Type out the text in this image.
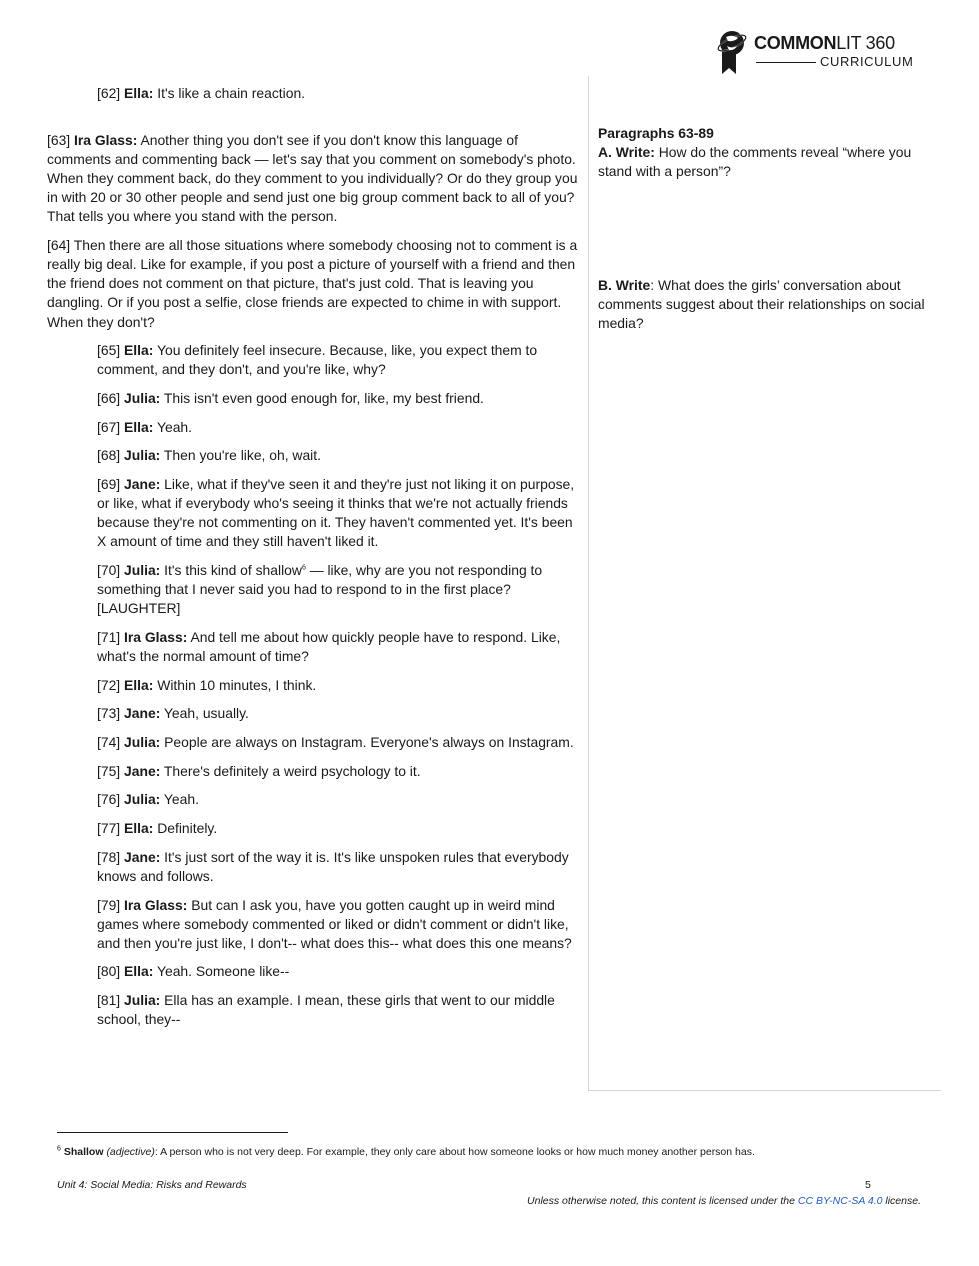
COMMONLIT 360
CURRICULUM

[62] Ella: It's like a chain reaction.

[63] Ira Glass: Another thing you don't see if you don't know this language of comments and commenting back — let's say that you comment on somebody's photo. When they comment back, do they comment to you individually? Or do they group you in with 20 or 30 other people and send just one big group comment back to all of you? That tells you where you stand with the person.

[64] Then there are all those situations where somebody choosing not to comment is a really big deal. Like for example, if you post a picture of yourself with a friend and then the friend does not comment on that picture, that's just cold. That is leaving you dangling. Or if you post a selfie, close friends are expected to chime in with support. When they don't?

[65] Ella: You definitely feel insecure. Because, like, you expect them to comment, and they don't, and you're like, why?

[66] Julia: This isn't even good enough for, like, my best friend.

[67] Ella: Yeah.

[68] Julia: Then you're like, oh, wait.

[69] Jane: Like, what if they've seen it and they're just not liking it on purpose, or like, what if everybody who's seeing it thinks that we're not actually friends because they're not commenting on it. They haven't commented yet. It's been X amount of time and they still haven't liked it.

[70] Julia: It's this kind of shallow$^6$ — like, why are you not responding to something that I never said you had to respond to in the first place? [LAUGHTER]

[71] Ira Glass: And tell me about how quickly people have to respond. Like, what's the normal amount of time?

[72] Ella: Within 10 minutes, I think.

[73] Jane: Yeah, usually.

[74] Julia: People are always on Instagram. Everyone's always on Instagram.

[75] Jane: There's definitely a weird psychology to it.

[76] Julia: Yeah.

[77] Ella: Definitely.

[78] Jane: It's just sort of the way it is. It's like unspoken rules that everybody knows and follows.

[79] Ira Glass: But can I ask you, have you gotten caught up in weird mind games where somebody commented or liked or didn't comment or didn't like, and then you're just like, I don't-- what does this-- what does this one means?

[80] Ella: Yeah. Someone like--

[81] Julia: Ella has an example. I mean, these girls that went to our middle school, they--

Paragraphs 63-89

A. Write: How do the comments reveal “where you stand with a person”?

B. Write: What does the girls’ conversation about comments suggest about their relationships on social media?

$^6$ Shallow (adjective): A person who is not very deep. For example, they only care about how someone looks or how much money another person has.
Unit 4: Social Media: Risks and Rewards	5
Unless otherwise noted, this content is licensed under the CC BY-NC-SA 4.0 license.
